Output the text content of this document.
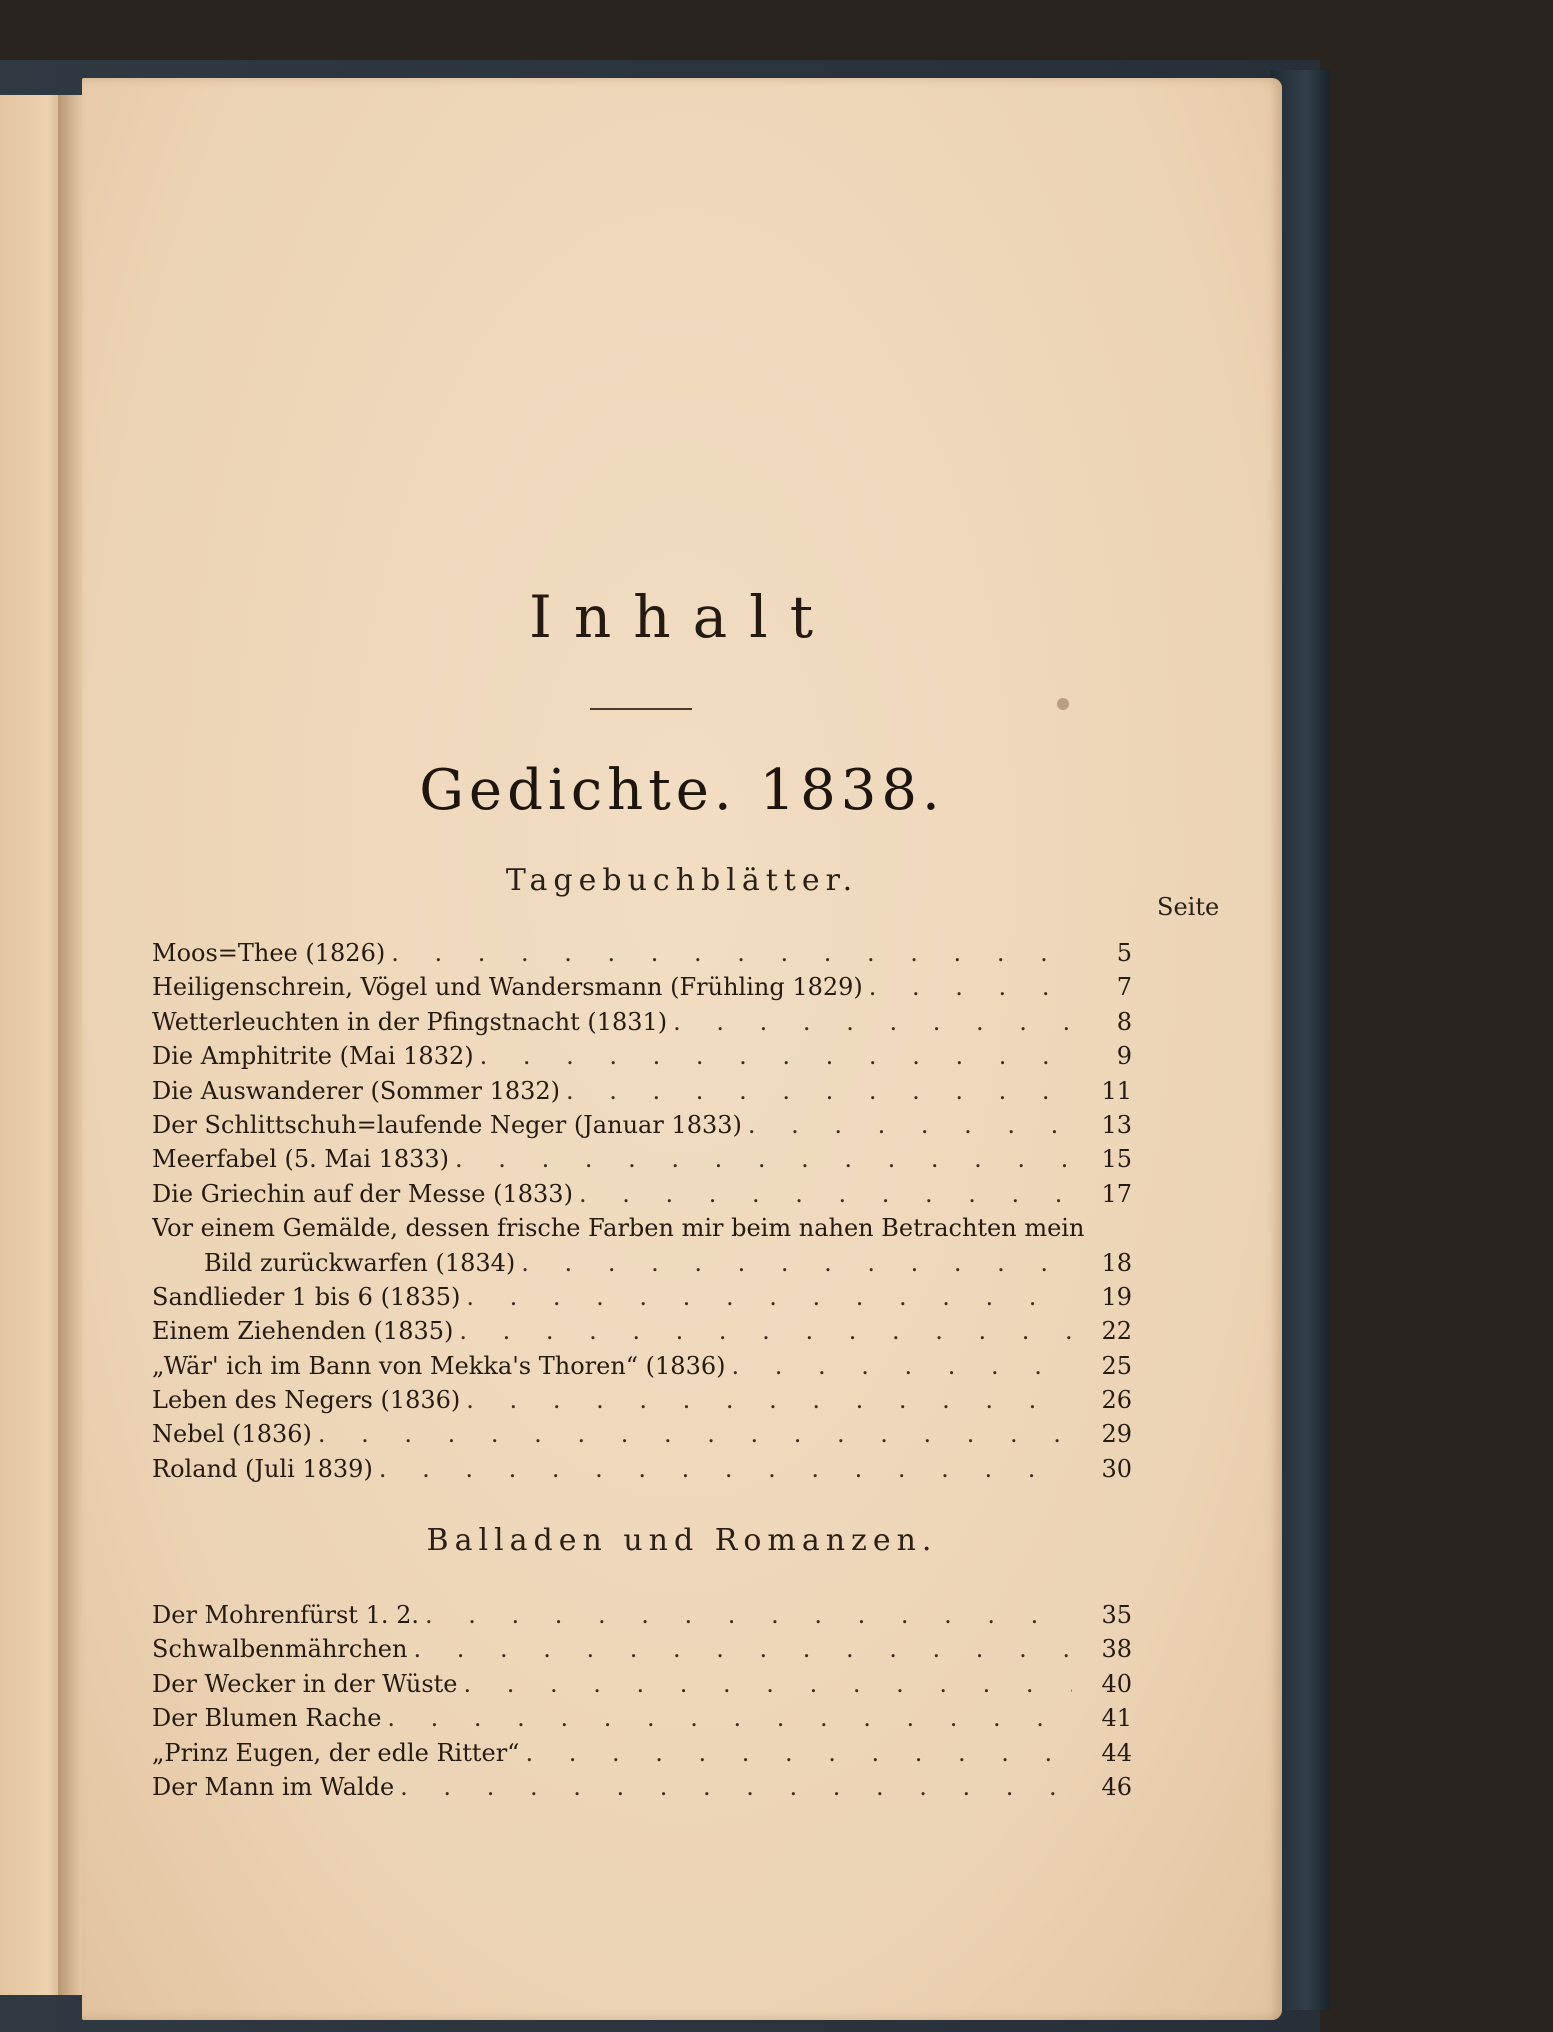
Inhalt
Gedichte. 1838.
Tagebuchblätter.
Seite
Moos=Thee (1826) . . .	5
Heiligenschrein, Vögel und Wandersmann (Frühling 1829) . . .	7
Wetterleuchten in der Pfingstnacht (1831) . . .	8
Die Amphitrite (Mai 1832) . . .	9
Die Auswanderer (Sommer 1832) . . .	11
Der Schlittschuh=laufende Neger (Januar 1833) . . .	13
Meerfabel (5. Mai 1833) . . .	15
Die Griechin auf der Messe (1833) . . .	17
Vor einem Gemälde, dessen frische Farben mir beim nahen Betrachten mein
Bild zurückwarfen (1834) . . .	18
Sandlieder 1 bis 6 (1835) . . .	19
Einem Ziehenden (1835) . . .	22
„Wär' ich im Bann von Mekka's Thoren“ (1836) . . .	25
Leben des Negers (1836) . . .	26
Nebel (1836) . . .	29
Roland (Juli 1839) . . .	30
Balladen und Romanzen.
Der Mohrenfürst 1. 2. . . .	35
Schwalbenmährchen . . .	38
Der Wecker in der Wüste . . .	40
Der Blumen Rache . . .	41
„Prinz Eugen, der edle Ritter“ . . .	44
Der Mann im Walde . . .	46
